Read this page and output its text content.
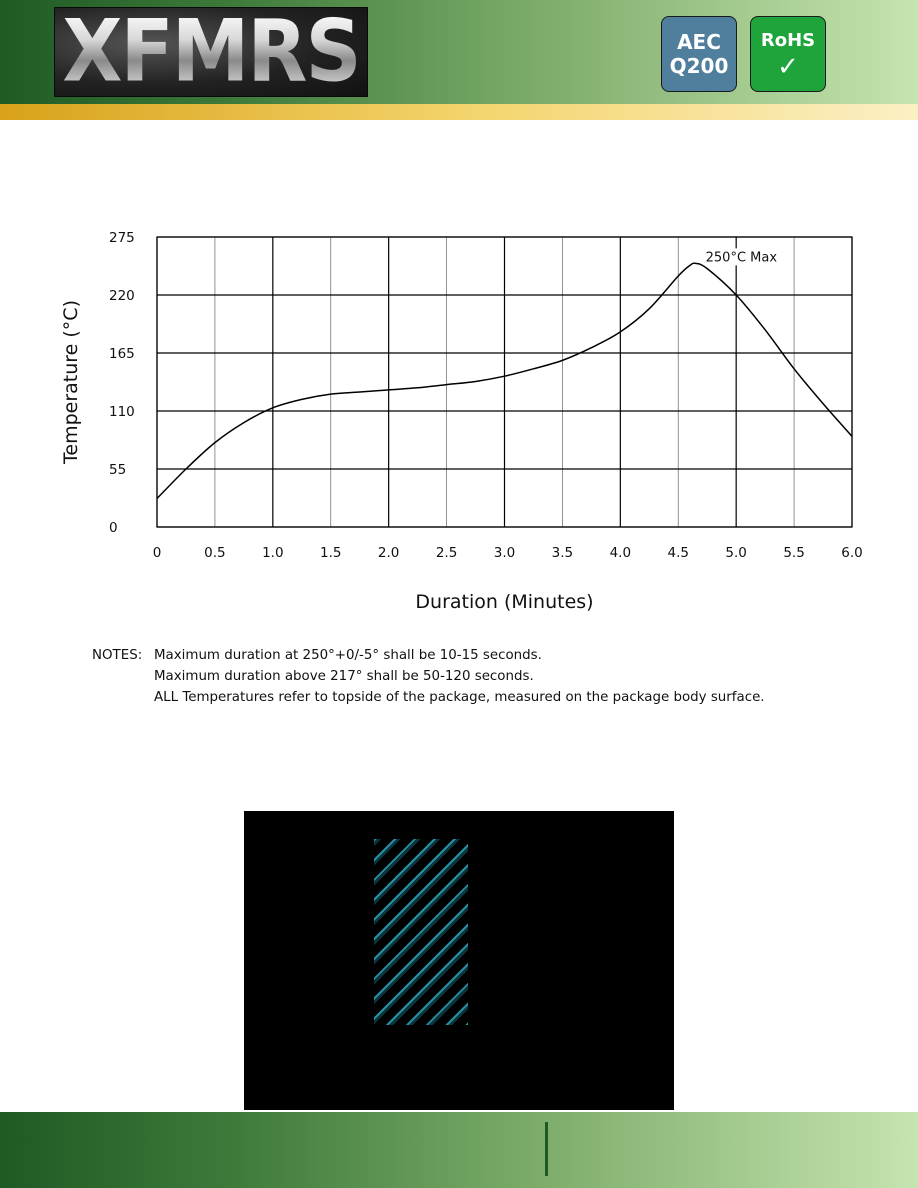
XFMRS	AEC
Q200
RoHS
✓
0	0.5	1.0	1.5	2.0	2.5	3.0	3.5	4.0	4.5	5.0	5.5	6.0
0
55
110
165
220
275
Duration (Minutes)
Temperature (°C)
250°C Max
NOTES: Maximum duration at 250°+0/-5° shall be 10-15 seconds.
Maximum duration above 217° shall be 50-120 seconds.
ALL Temperatures refer to topside of the package, measured on the package body surface.
